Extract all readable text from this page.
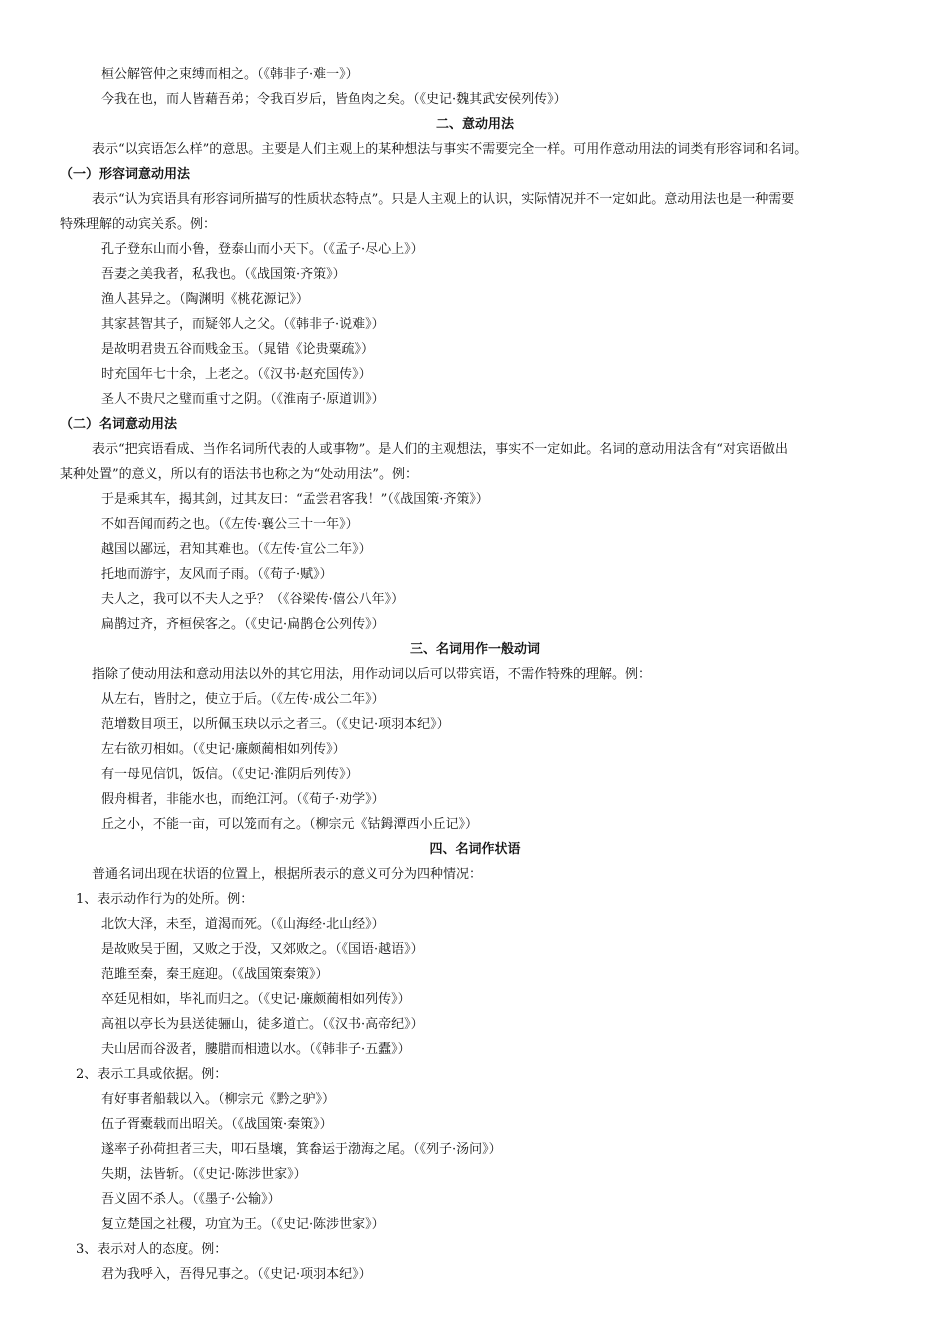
桓公解管仲之束缚而相之。（《韩非子·难一》）
今我在也，而人皆藉吾弟；令我百岁后，皆鱼肉之矣。（《史记·魏其武安侯列传》）
二、意动用法
表示“以宾语怎么样”的意思。主要是人们主观上的某种想法与事实不需要完全一样。可用作意动用法的词类有形容词和名词。
（一）形容词意动用法
表示“认为宾语具有形容词所描写的性质状态特点”。只是人主观上的认识，实际情况并不一定如此。意动用法也是一种需要
特殊理解的动宾关系。例：
孔子登东山而小鲁，登泰山而小天下。（《孟子·尽心上》）
吾妻之美我者，私我也。（《战国策·齐策》）
渔人甚异之。（陶渊明《桃花源记》）
其家甚智其子，而疑邻人之父。（《韩非子·说难》）
是故明君贵五谷而贱金玉。（晁错《论贵粟疏》）
时充国年七十余，上老之。（《汉书·赵充国传》）
圣人不贵尺之璧而重寸之阴。（《淮南子·原道训》）
（二）名词意动用法
表示“把宾语看成、当作名词所代表的人或事物”。是人们的主观想法，事实不一定如此。名词的意动用法含有“对宾语做出
某种处置”的意义，所以有的语法书也称之为“处动用法”。例：
于是乘其车，揭其剑，过其友曰：“孟尝君客我！”（《战国策·齐策》）
不如吾闻而药之也。（《左传·襄公三十一年》）
越国以鄙远，君知其难也。（《左传·宣公二年》）
托地而游宇，友风而子雨。（《荀子·赋》）
夫人之，我可以不夫人之乎？（《谷梁传·僖公八年》）
扁鹊过齐，齐桓侯客之。（《史记·扁鹊仓公列传》）
三、名词用作一般动词
指除了使动用法和意动用法以外的其它用法，用作动词以后可以带宾语，不需作特殊的理解。例：
从左右，皆肘之，使立于后。（《左传·成公二年》）
范增数目项王，以所佩玉玦以示之者三。（《史记·项羽本纪》）
左右欲刃相如。（《史记·廉颇蔺相如列传》）
有一母见信饥，饭信。（《史记·淮阴后列传》）
假舟楫者，非能水也，而绝江河。（《荀子·劝学》）
丘之小，不能一亩，可以笼而有之。（柳宗元《钴鉧潭西小丘记》）
四、名词作状语
普通名词出现在状语的位置上，根据所表示的意义可分为四种情况：
1、表示动作行为的处所。例：
北饮大泽，未至，道渴而死。（《山海经·北山经》）
是故败吴于囿，又败之于没，又郊败之。（《国语·越语》）
范雎至秦，秦王庭迎。（《战国策秦策》）
卒廷见相如，毕礼而归之。（《史记·廉颇蔺相如列传》）
高祖以亭长为县送徒骊山，徒多道亡。（《汉书·高帝纪》）
夫山居而谷汲者，膢腊而相遗以水。（《韩非子·五蠹》）
2、表示工具或依据。例：
有好事者船载以入。（柳宗元《黔之驴》）
伍子胥橐载而出昭关。（《战国策·秦策》）
遂率子孙荷担者三夫，叩石垦壤，箕畚运于渤海之尾。（《列子·汤问》）
失期，法皆斩。（《史记·陈涉世家》）
吾义固不杀人。（《墨子·公输》）
复立楚国之社稷，功宜为王。（《史记·陈涉世家》）
3、表示对人的态度。例：
君为我呼入，吾得兄事之。（《史记·项羽本纪》）
